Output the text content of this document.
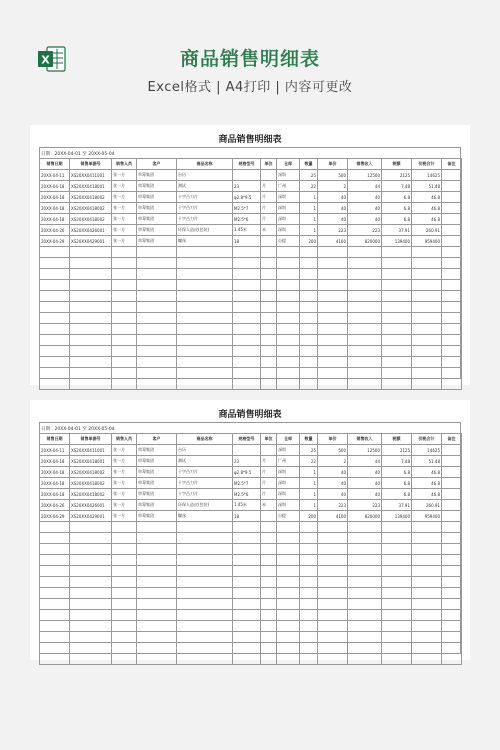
X	商品销售明细表
Excel格式 | A4打印 | 内容可更改
商品销售明细表
日期：20XX-04-01 至 20XX-05-04
销售日期	销售单据号	销售人员	客户	商品名称	规格型号	单位	仓库	数量	单价	销售收入	税额	价税合计	备注
20XX-04-11	XS20XX0411001	张一方	草莓集团	台历			深圳	25	500	12500	2125	14625	
20XX-04-18	XS20XX0418001	张一方	草莓集团	测试	23	月	广州	22	2	44	7.48	51.48	
20XX-04-18	XS20XX0418002	张一方	草莓集团	十字凸刀片	φ2.8*9.5	片	深圳	1	40	40	6.8	46.8	
20XX-04-18	XS20XX0418002	张一方	草莓集团	十字凸刀片	M2.5*7	片	深圳	1	40	40	6.8	46.8	
20XX-04-18	XS20XX0418002	张一方	草莓集团	十字凸刀片	M2.5*6	片	深圳	1	40	40	6.8	46.8	
20XX-04-26	XS20XX0426001	张一方	草莓集团	环保人造皮(包装)	1.45米	米	深圳	1	223	223	37.91	260.91	
20XX-04-29	XS20XX0429001	张一方	草莓集团	螺丝	18		自提	200	4100	820000	139400	959400	

商品销售明细表
日期：20XX-04-01 至 20XX-05-04
销售日期	销售单据号	销售人员	客户	商品名称	规格型号	单位	仓库	数量	单价	销售收入	税额	价税合计	备注
20XX-04-11	XS20XX0411001	张一方	草莓集团	台历			深圳	25	500	12500	2125	14625	
20XX-04-18	XS20XX0418001	张一方	草莓集团	测试	23	月	广州	22	2	44	7.48	51.48	
20XX-04-18	XS20XX0418002	张一方	草莓集团	十字凸刀片	φ2.8*9.5	片	深圳	1	40	40	6.8	46.8	
20XX-04-18	XS20XX0418002	张一方	草莓集团	十字凸刀片	M2.5*7	片	深圳	1	40	40	6.8	46.8	
20XX-04-18	XS20XX0418002	张一方	草莓集团	十字凸刀片	M2.5*6	片	深圳	1	40	40	6.8	46.8	
20XX-04-26	XS20XX0426001	张一方	草莓集团	环保人造皮(包装)	1.45米	米	深圳	1	223	223	37.91	260.91	
20XX-04-29	XS20XX0429001	张一方	草莓集团	螺丝	18		自提	200	4100	820000	139400	959400	
